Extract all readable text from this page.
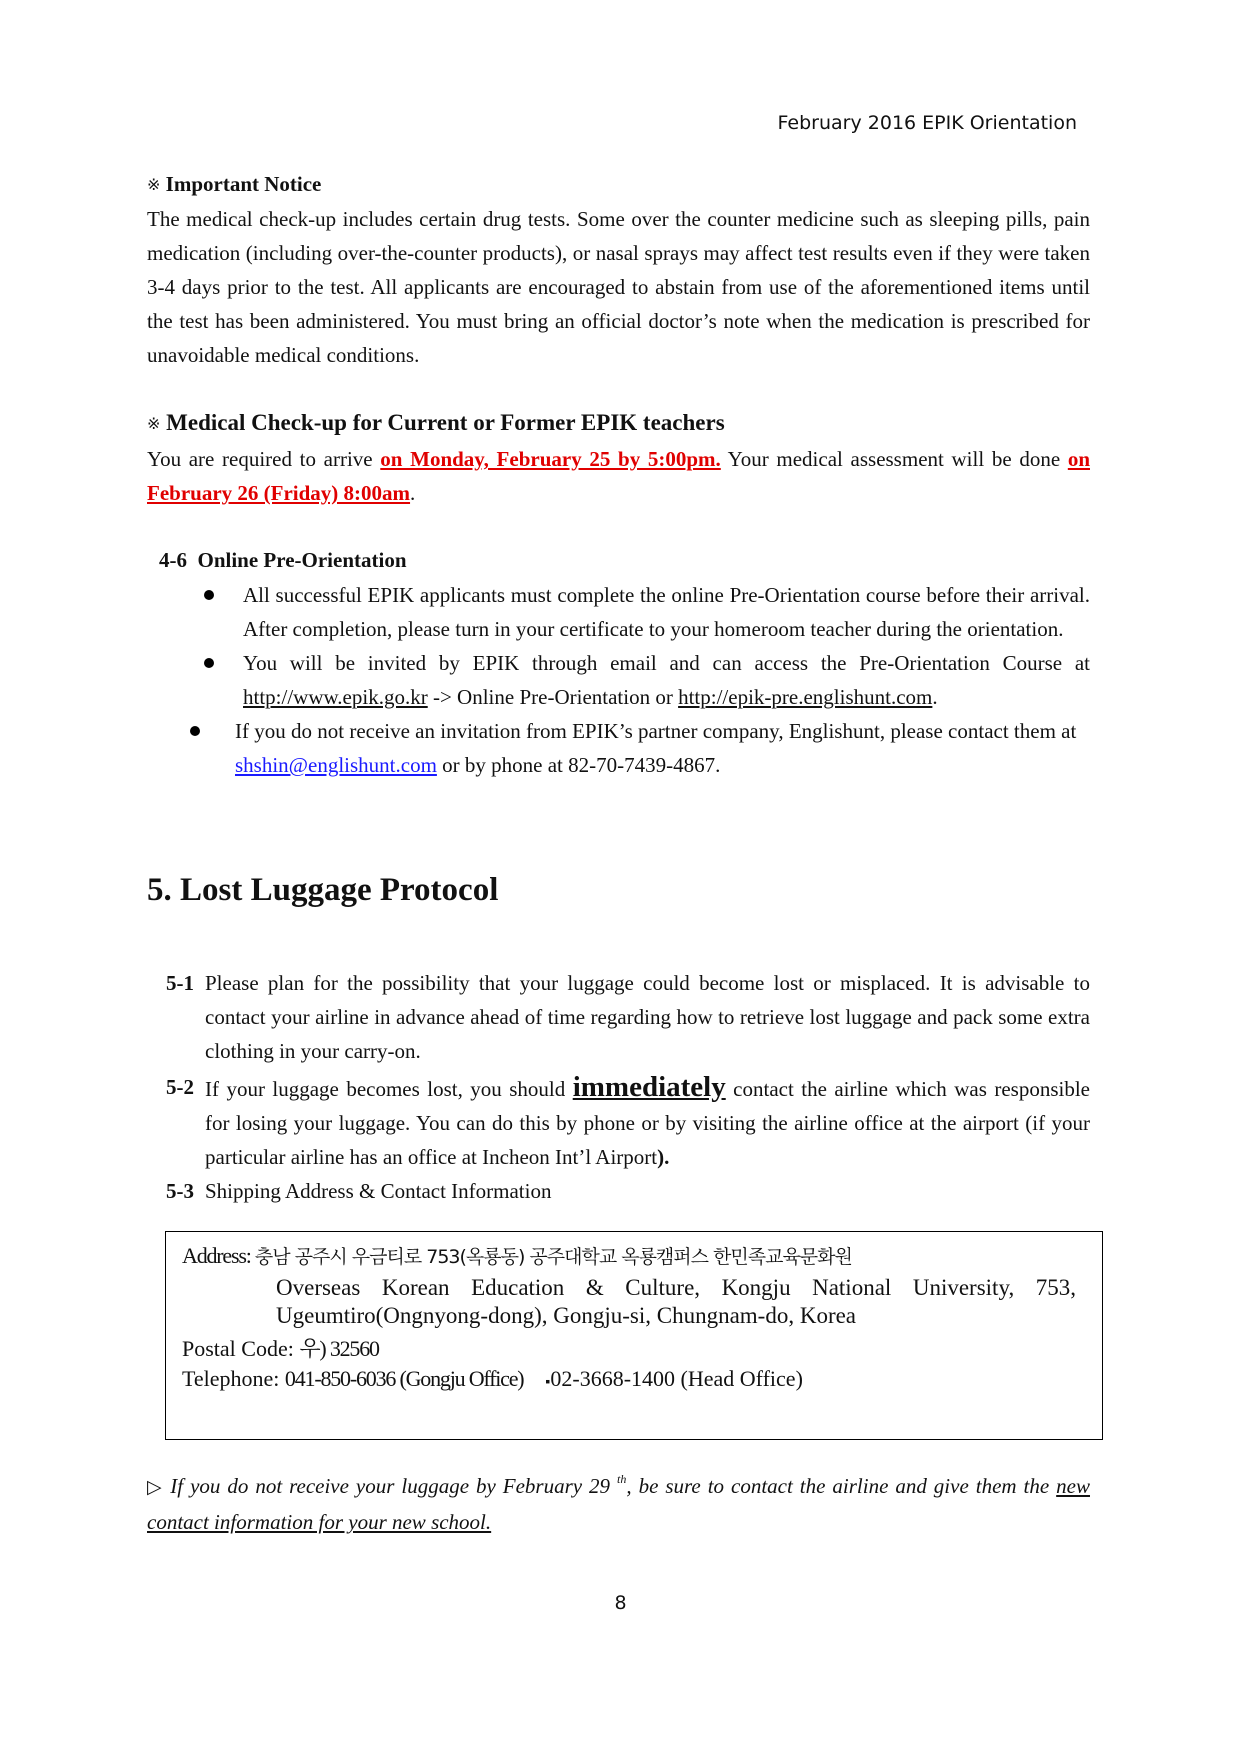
February 2016 EPIK Orientation

※ Important Notice

The medical check-up includes certain drug tests. Some over the counter medicine such as sleeping pills, pain medication (including over-the-counter products), or nasal sprays may affect test results even if they were taken 3-4 days prior to the test. All applicants are encouraged to abstain from use of the aforementioned items until the test has been administered. You must bring an official doctor’s note when the medication is prescribed for unavoidable medical conditions.

※ Medical Check-up for Current or Former EPIK teachers

You are required to arrive on Monday, February 25 by 5:00pm. Your medical assessment will be done on February 26 (Friday) 8:00am.

4-6 Online Pre-Orientation

All successful EPIK applicants must complete the online Pre-Orientation course before their arrival. After completion, please turn in your certificate to your homeroom teacher during the orientation.

You will be invited by EPIK through email and can access the Pre-Orientation Course at http://www.epik.go.kr -> Online Pre-Orientation or http://epik-pre.englishunt.com.

If you do not receive an invitation from EPIK’s partner company, Englishunt, please contact them at shshin@englishunt.com or by phone at 82-70-7439-4867.

5. Lost Luggage Protocol

5-1 Please plan for the possibility that your luggage could become lost or misplaced. It is advisable to contact your airline in advance ahead of time regarding how to retrieve lost luggage and pack some extra clothing in your carry-on.

5-2 If your luggage becomes lost, you should immediately contact the airline which was responsible for losing your luggage. You can do this by phone or by visiting the airline office at the airport (if your particular airline has an office at Incheon Int’l Airport).

5-3 Shipping Address & Contact Information

Address: 충남 공주시 우금티로 753(옥룡동) 공주대학교 옥룡캠퍼스 한민족교육문화원
Overseas Korean Education & Culture, Kongju National University, 753, Ugeumtiro(Ongnyong-dong), Gongju-si, Chungnam-do, Korea
Postal Code: 우) 32560
Telephone: 041-850-6036 (Gongju Office) ▪02-3668-1400 (Head Office)

▷ If you do not receive your luggage by February 29 $^{th}$, be sure to contact the airline and give them the new contact information for your new school.

8
